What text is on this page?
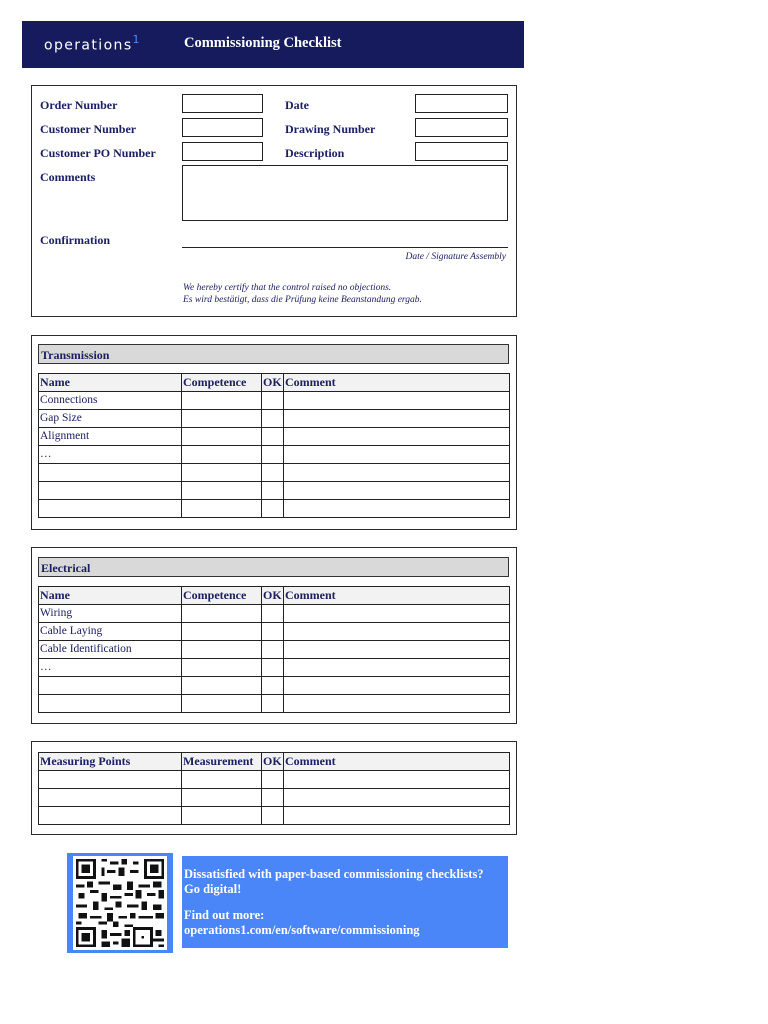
operations$^1$	Commissioning Checklist
Order Number	Date
Customer Number	Drawing Number
Customer PO Number	Description
Comments
Confirmation
Date / Signature Assembly
We hereby certify that the control raised no objections.
Es wird bestätigt, dass die Prüfung keine Beanstandung ergab.
Transmission
Name	Competence	OK	Comment
Connections			
Gap Size			
Alignment			
…			

Electrical
Name	Competence	OK	Comment
Wiring			
Cable Laying			
Cable Identification			
…			

Measuring Points	Measurement	OK	Comment

Dissatisfied with paper-based commissioning checklists?
Go digital!
Find out more:
operations1.com/en/software/commissioning
